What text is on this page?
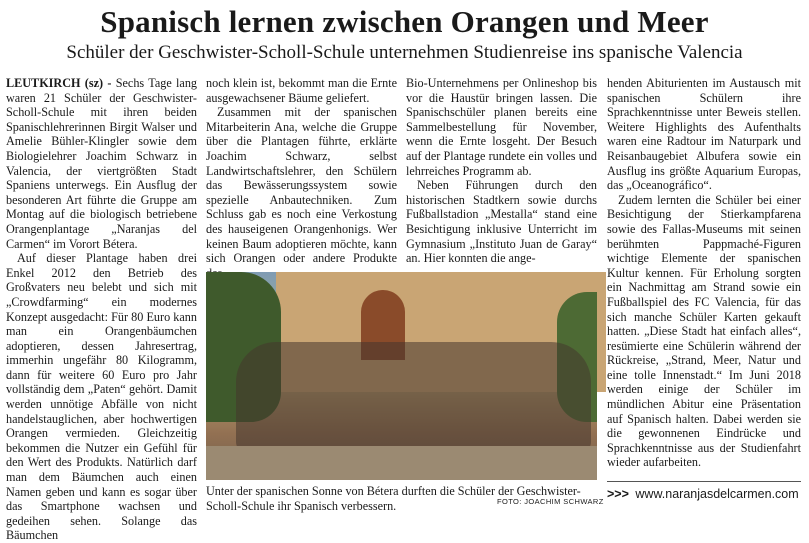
Spanisch lernen zwischen Orangen und Meer
Schüler der Geschwister-Scholl-Schule unternehmen Studienreise ins spanische Valencia

LEUTKIRCH (sz) - Sechs Tage lang waren 21 Schüler der Geschwister-Scholl-Schule mit ihren beiden Spanischlehrerinnen Birgit Walser und Amelie Bühler-Klingler sowie dem Biologielehrer Joachim Schwarz in Valencia, der viertgrößten Stadt Spaniens unterwegs. Ein Ausflug der besonderen Art führte die Gruppe am Montag auf die biologisch betriebene Orangenplantage „Naranjas del Carmen“ im Vorort Bétera.

Auf dieser Plantage haben drei Enkel 2012 den Betrieb des Großvaters neu belebt und sich mit „Crowdfarming“ ein modernes Konzept ausgedacht: Für 80 Euro kann man ein Orangenbäumchen adoptieren, dessen Jahresertrag, immerhin ungefähr 80 Kilogramm, dann für weitere 60 Euro pro Jahr vollständig dem „Paten“ gehört. Damit werden unnötige Abfälle von nicht handelstauglichen, aber hochwertigen Orangen vermieden. Gleichzeitig bekommen die Nutzer ein Gefühl für den Wert des Produkts. Natürlich darf man dem Bäumchen auch einen Namen geben und kann es sogar über das Smartphone wachsen und gedeihen sehen. Solange das Bäumchen

noch klein ist, bekommt man die Ernte ausgewachsener Bäume geliefert.

Zusammen mit der spanischen Mitarbeiterin Ana, welche die Gruppe über die Plantagen führte, erklärte Joachim Schwarz, selbst Landwirtschaftslehrer, den Schülern das Bewässerungssystem sowie spezielle Anbautechniken. Zum Schluss gab es noch eine Verkostung des hauseigenen Orangenhonigs. Wer keinen Baum adoptieren möchte, kann sich Orangen oder andere Produkte

Bio-Unternehmens per Onlineshop bis vor die Haustür bringen lassen. Die Spanischschüler planen bereits eine Sammelbestellung für November, wenn die Ernte losgeht. Der Besuch auf der Plantage rundete ein volles und lehrreiches Programm ab.

Neben Führungen durch den historischen Stadtkern sowie durchs Fußballstadion „Mestalla“ stand eine Besichtigung inklusive Unterricht im Gymnasium „Instituto Juan de Garay“ an. Hier konnten die ange-

henden Abiturienten im Austausch mit spanischen Schülern ihre Sprachkenntnisse unter Beweis stellen. Weitere Highlights des Aufenthalts waren eine Radtour im Naturpark und Reisanbaugebiet Albufera sowie ein Ausflug ins größte Aquarium Europas, das „Oceanográfico“.

Zudem lernten die Schüler bei einer Besichtigung der Stierkampfarena sowie des Fallas-Museums mit seinen berühmten Pappmaché-Figuren wichtige Elemente der spanischen Kultur kennen. Für Erholung sorgten ein Nachmittag am Strand sowie ein Fußballspiel des FC Valencia, für das sich manche Schüler Karten gekauft hatten. „Diese Stadt hat einfach alles“, resümierte eine Schülerin während der Rückreise, „Strand, Meer, Natur und eine tolle Innenstadt.“ Im Juni 2018 werden einige der Schüler im mündlichen Abitur eine Präsentation auf Spanisch halten. Dabei werden sie die gewonnenen Eindrücke und Sprachkenntnisse aus der Studienfahrt wieder aufarbeiten.

Unter der spanischen Sonne von Bétera durften die Schüler der Geschwister-Scholl-Schule ihr Spanisch verbessern.	FOTO: JOACHIM SCHWARZ
>>> www.naranjasdelcarmen.com
